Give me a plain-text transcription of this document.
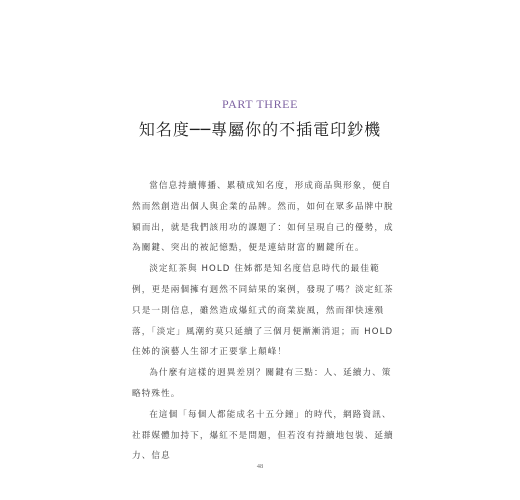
PART THREE

知名度──專屬你的不插電印鈔機

當信息持續傳播、累積成知名度，形成商品與形象，便自然而然創造出個人與企業的品牌。然而，如何在眾多品牌中脫穎而出，就是我們該用功的課題了：如何呈現自己的優勢，成為關鍵、突出的被記憶點，便是連結財富的關鍵所在。

淡定紅茶與 HOLD 住姊都是知名度信息時代的最佳範例，更是兩個擁有迥然不同結果的案例，發現了嗎？淡定紅茶只是一則信息，雖然造成爆紅式的商業旋風，然而卻快速殞落，「淡定」風潮約莫只延續了三個月便漸漸消退；而 HOLD 住姊的演藝人生卻才正要掌上顛峰！

為什麼有這樣的迥異差別？關鍵有三點：人、延續力、策略特殊性。

在這個「每個人都能成名十五分鐘」的時代，網路資訊、社群媒體加持下，爆紅不是問題，但若沒有持續地包裝、延續力、信息

48
